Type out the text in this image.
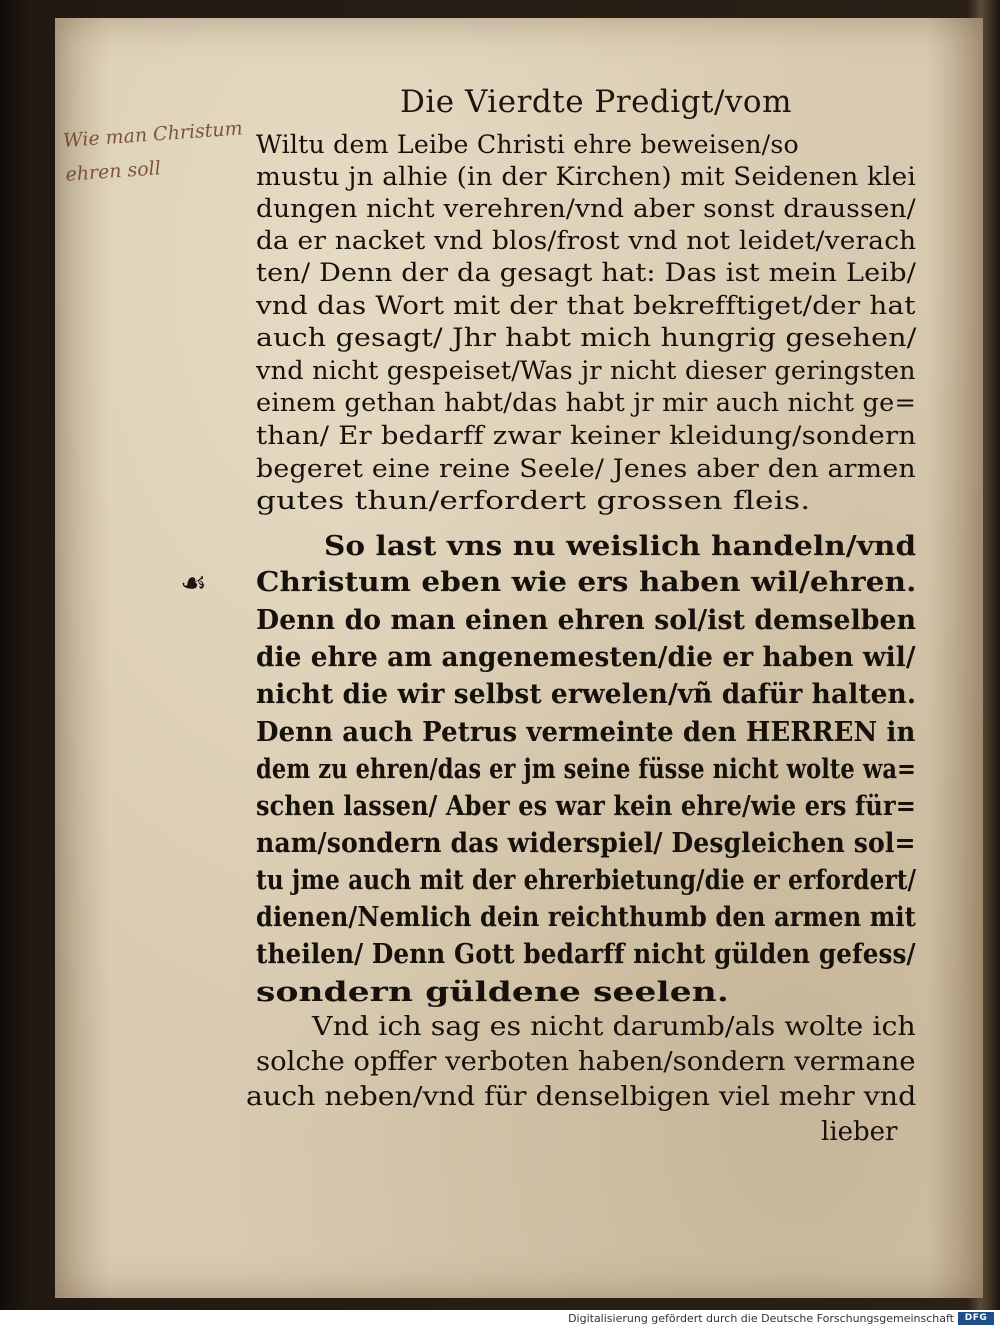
Die Vierdte Predigt/vom
Wie man Christum
ehren soll
☙
Wiltu dem Leibe Christi ehre beweisen/so
mustu jn alhie (in der Kirchen) mit Seidenen klei
dungen nicht verehren/vnd aber sonst draussen/
da er nacket vnd blos/frost vnd not leidet/verach
ten/ Denn der da gesagt hat: Das ist mein Leib/
vnd das Wort mit der that bekrefftiget/der hat
auch gesagt/ Jhr habt mich hungrig gesehen/
vnd nicht gespeiset/Was jr nicht dieser geringsten
einem gethan habt/das habt jr mir auch nicht ge=
than/ Er bedarff zwar keiner kleidung/sondern
begeret eine reine Seele/ Jenes aber den armen
gutes thun/erfordert grossen fleis.
So last vns nu weislich handeln/vnd
Christum eben wie ers haben wil/ehren.
Denn do man einen ehren sol/ist demselben
die ehre am angenemesten/die er haben wil/
nicht die wir selbst erwelen/vñ dafür halten.
Denn auch Petrus vermeinte den HERREN in
dem zu ehren/das er jm seine füsse nicht wolte wa=
schen lassen/ Aber es war kein ehre/wie ers für=
nam/sondern das widerspiel/ Desgleichen sol=
tu jme auch mit der ehrerbietung/die er erfordert/
dienen/Nemlich dein reichthumb den armen mit
theilen/ Denn Gott bedarff nicht gülden gefess/
sondern güldene seelen.
Vnd ich sag es nicht darumb/als wolte ich
solche opffer verboten haben/sondern vermane
auch neben/vnd für denselbigen viel mehr vnd
lieber
Digitalisierung gefördert durch die Deutsche Forschungsgemeinschaft	DFG
